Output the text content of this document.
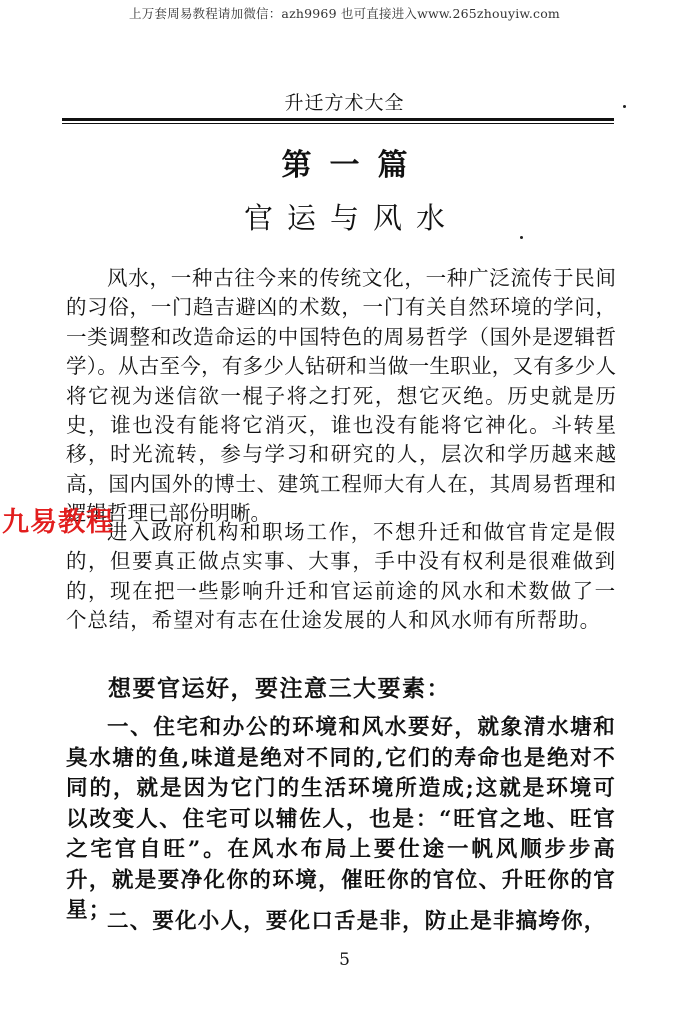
上万套周易教程请加微信：azh9969 也可直接进入www.265zhouyiw.com
升迁方术大全
第一篇
官运与风水

风水，一种古往今来的传统文化，一种广泛流传于民间的习俗，一门趋吉避凶的术数，一门有关自然环境的学问，一类调整和改造命运的中国特色的周易哲学（国外是逻辑哲学）。从古至今，有多少人钻研和当做一生职业，又有多少人将它视为迷信欲一棍子将之打死，想它灭绝。历史就是历史，谁也没有能将它消灭，谁也没有能将它神化。斗转星移，时光流转，参与学习和研究的人，层次和学历越来越高，国内国外的博士、建筑工程师大有人在，其周易哲理和逻辑哲理已部份明晰。

进入政府机构和职场工作，不想升迁和做官肯定是假的，但要真正做点实事、大事，手中没有权利是很难做到的，现在把一些影响升迁和官运前途的风水和术数做了一个总结，希望对有志在仕途发展的人和风水师有所帮助。

想要官运好，要注意三大要素：

一、住宅和办公的环境和风水要好，就象清水塘和臭水塘的鱼,味道是绝对不同的,它们的寿命也是绝对不同的，就是因为它门的生活环境所造成;这就是环境可以改变人、住宅可以辅佐人，也是：“旺官之地、旺官之宅官自旺”。在风水布局上要仕途一帆风顺步步高升，就是要净化你的环境，催旺你的官位、升旺你的官星；

二、要化小人，要化口舌是非，防止是非搞垮你，

九易教程
5
